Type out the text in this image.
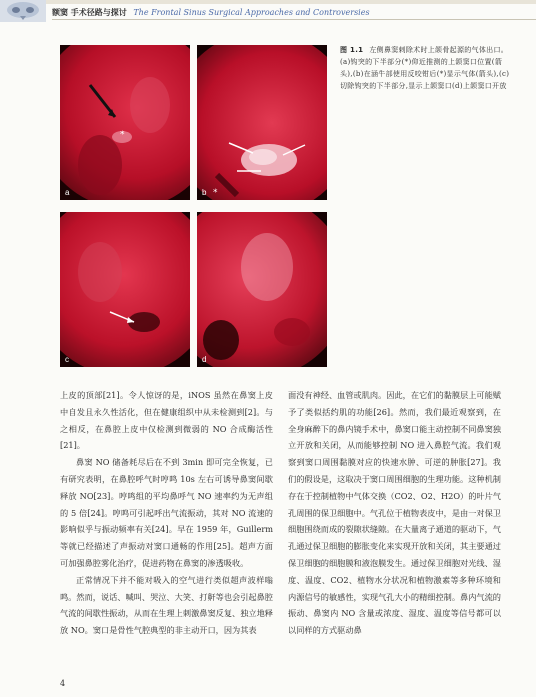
额窦 手术径路与探讨 The Frontal Sinus Surgical Approaches and Controversies
*
a	*
b
c	d
图 1.1 左侧鼻窦刺除术时上颌骨起源的气体出口。(a)钩突的下半部分(*)仰近推测的上颌窦口位置(箭头),(b)在涵牛部使用反咬钳后(*)显示气体(箭头),(c)切除钩突的下半部分,显示上颌窦口(d)上颌窦口开放

上皮的顶部[21]。令人惊讶的是，iNOS 虽然在鼻窦上皮中自发且永久性活化，但在健康组织中从未检测到[2]。与之相反，在鼻腔上皮中仅检测到微弱的 NO 合成酶活性[21]。

鼻窦 NO 储备耗尽后在不到 3min 即可完全恢复，已有研究表明，在鼻腔呼气时哼鸣 10s 左右可诱导鼻窦间歇释放 NO[23]。哼鸣组的平均鼻呼气 NO 速率约为无声组的 5 倍[24]。哼鸣可引起呼出气流振动，其对 NO 流速的影响似乎与振动频率有关[24]。早在 1959 年，Guillerm 等就已经描述了声振动对窦口通畅的作用[25]。超声方面可加强鼻腔雾化治疗，促进药物在鼻窦的渗透吸收。

正常情况下并不能对吸入的空气进行类似超声波样嗡鸣。然而，说话、喊叫、哭泣、大笑、打鼾等也会引起鼻腔气流的间歇性振动，从而在生理上刺激鼻窦反复、独立地释放 NO。窦口是骨性气腔典型的非主动开口，因为其表

面没有神经、血管或肌肉。因此，在它们的黏膜层上可能赋予了类似括约肌的功能[26]。然而，我们最近观察到，在全身麻醉下的鼻内镜手术中，鼻窦口能主动控制不同鼻窦独立开放和关闭，从而能够控制 NO 进入鼻腔气流。我们观察到窦口周围黏膜对应的快速水肿、可逆的肿胀[27]。我们的假设是，这取决于窦口周围细胞的生理功能。这种机制存在于控制植物中气体交换（CO2、O2、H2O）的叶片气孔周围的保卫细胞中。气孔位于植物表皮中，是由一对保卫细胞围绕而成的裂隙状缝隙。在大量离子通道的驱动下，气孔通过保卫细胞的膨胀变化来实现开放和关闭，其主要通过保卫细胞的细胞膜和液泡膜发生。通过保卫细胞对光线、湿度、温度、CO2、植物水分状况和植物激素等多种环境和内源信号的敏感性，实现气孔大小的精细控制。鼻内气流的振动、鼻窦内 NO 含量或浓度、湿度、温度等信号都可以以同样的方式驱动鼻

4
